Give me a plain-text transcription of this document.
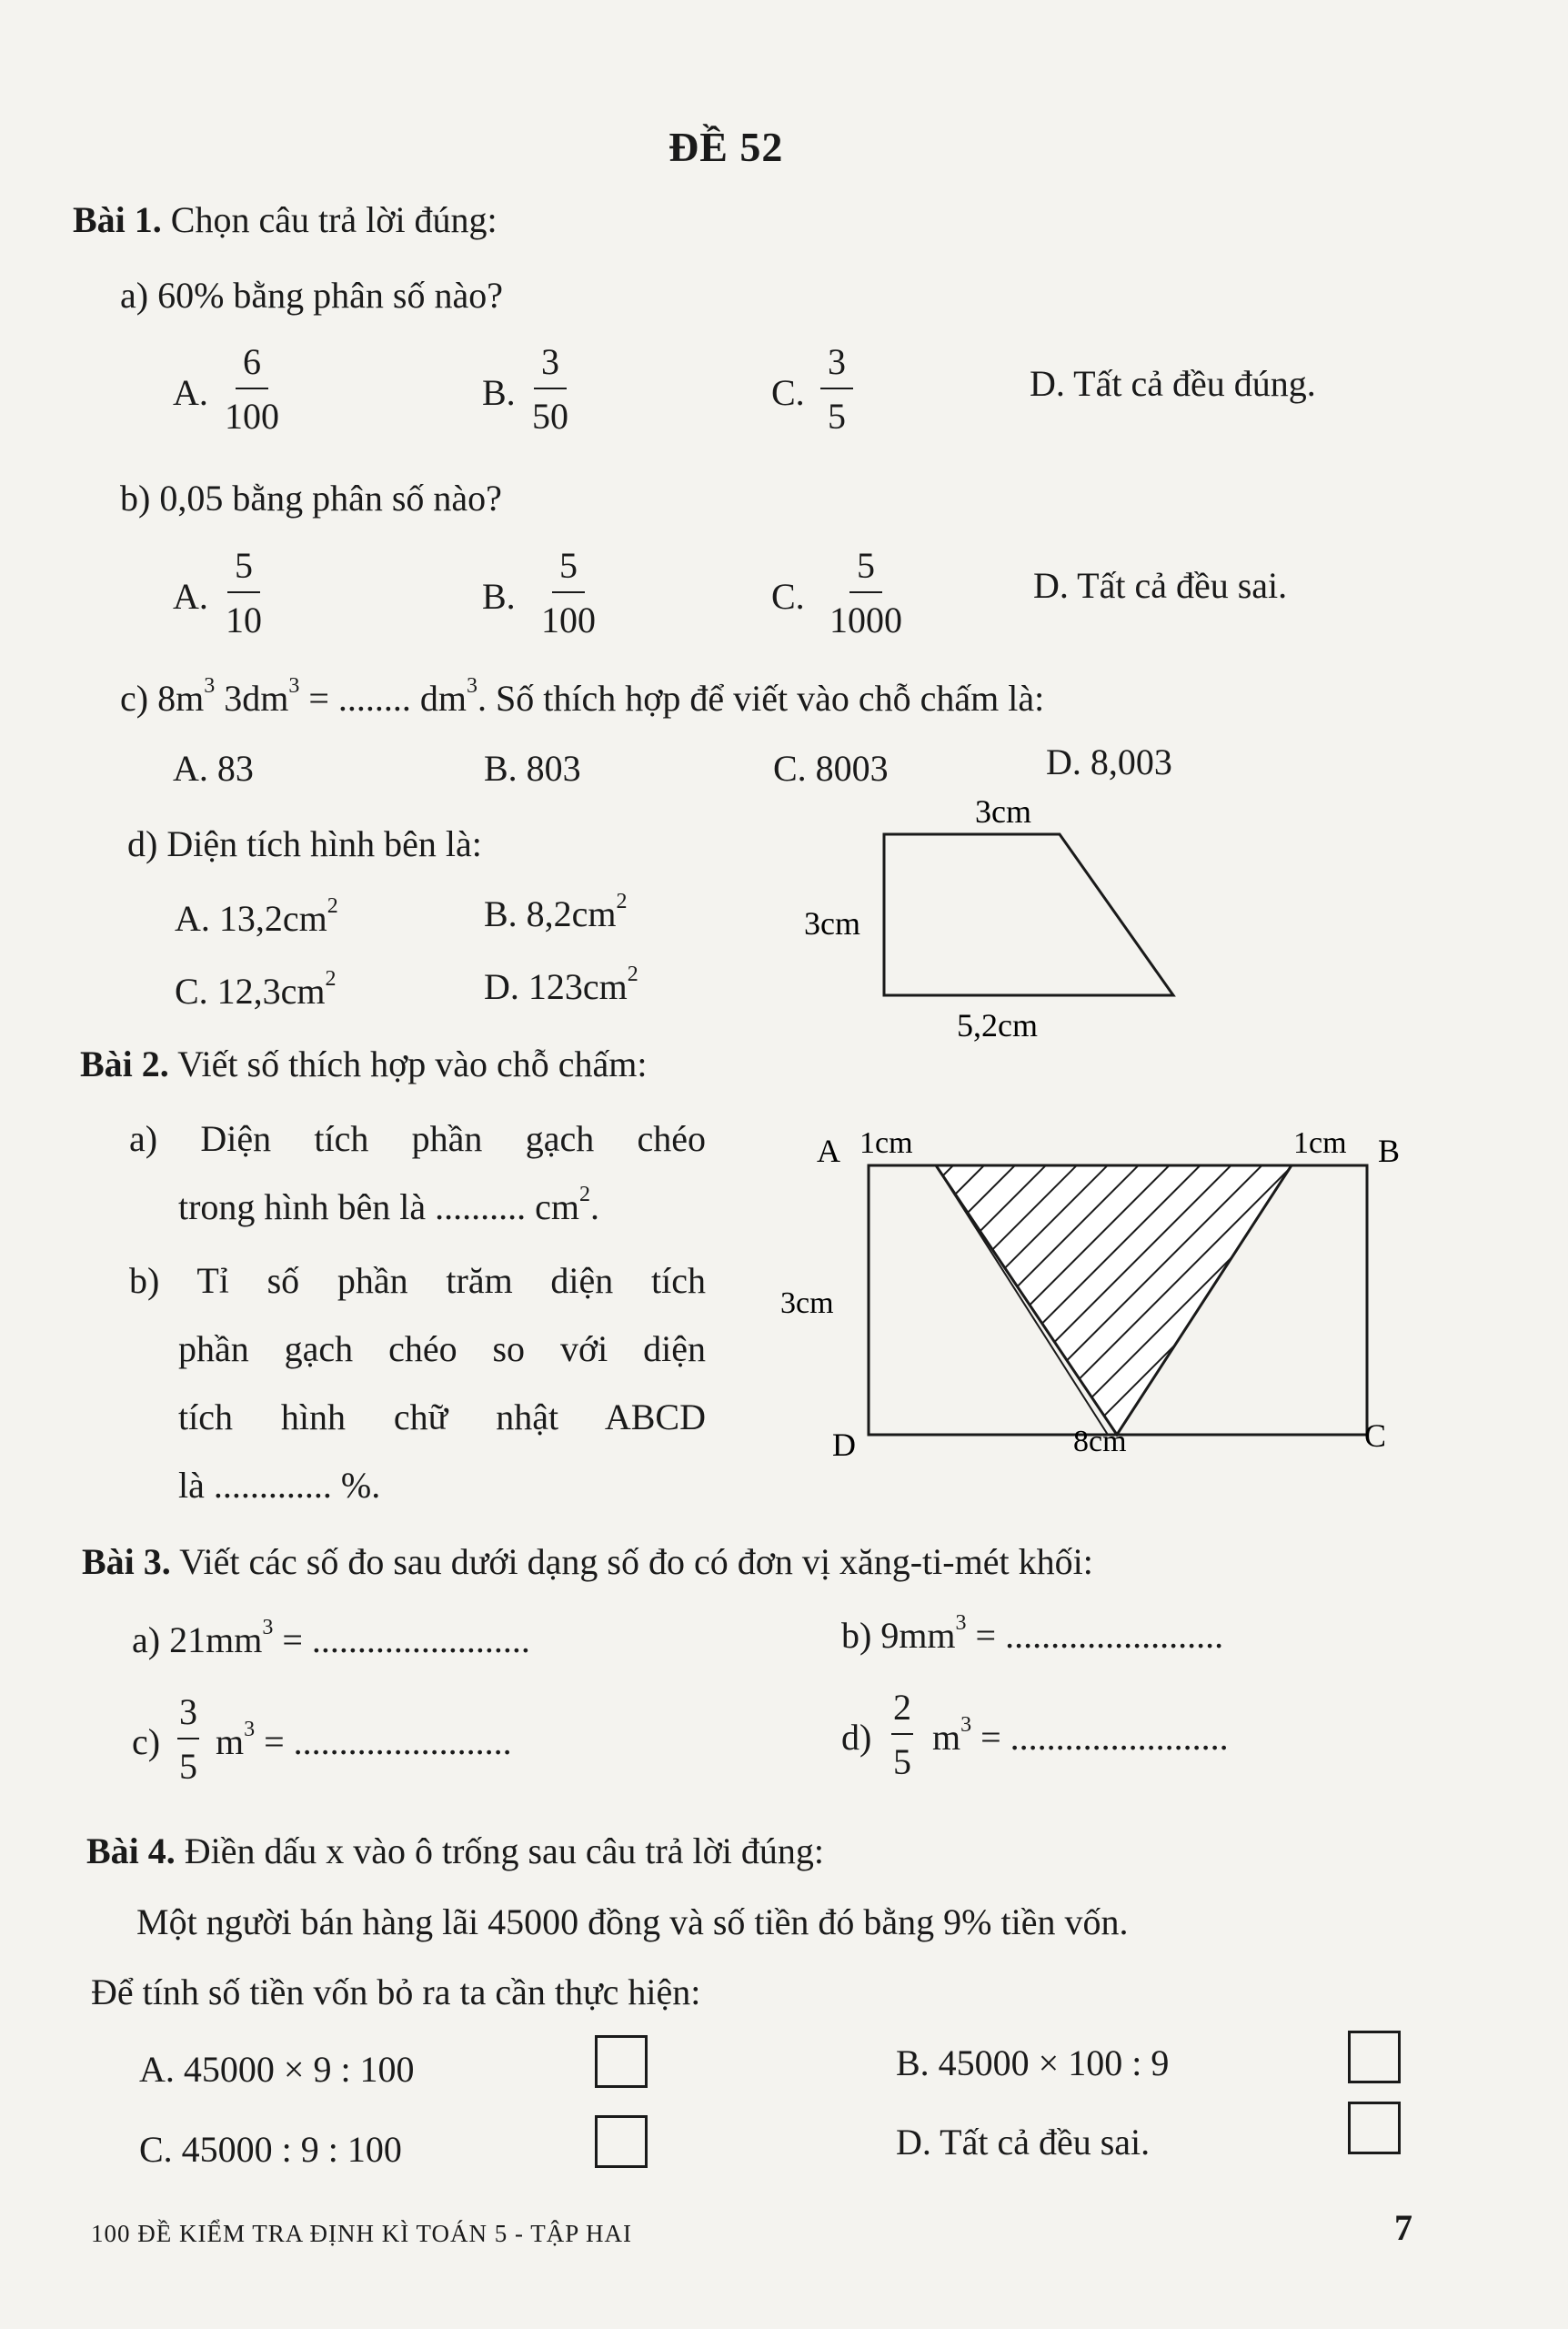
ĐỀ 52
Bài 1. Chọn câu trả lời đúng:
a) 60% bằng phân số nào?
A. $\frac{6}{100}$	B. $\frac{3}{50}$	C. $\frac{3}{5}$	D. Tất cả đều đúng.
b) 0,05 bằng phân số nào?
A. $\frac{5}{10}$	B. $\frac{5}{100}$	C. $\frac{5}{1000}$	D. Tất cả đều sai.
c) $8m^3$ $3dm^3$ = ........ $dm^3$. Số thích hợp để viết vào chỗ chấm là:
A. 83	B. 803	C. 8003	D. 8,003
d) Diện tích hình bên là:
A. $13,2cm^2$	B. $8,2cm^2$
C. $12,3cm^2$	D. $123cm^2$
3cm
3cm
5,2cm
Bài 2. Viết số thích hợp vào chỗ chấm:
a) Diện tích phần gạch chéo
trong hình bên là .......... $cm^2$.
b) Tỉ số phần trăm diện tích
phần gạch chéo so với diện
tích hình chữ nhật ABCD
là ............. %.
A 1cm	1cm B
3cm
D	8cm	C
Bài 3. Viết các số đo sau dưới dạng số đo có đơn vị xăng-ti-mét khối:
a) $21mm^3$ = ........................	b) $9mm^3$ = ........................
$c) \frac{3}{5} m^3$ = ........................	$d) \frac{2}{5} m^3$ = ........................
Bài 4. Điền dấu x vào ô trống sau câu trả lời đúng:
Một người bán hàng lãi 45000 đồng và số tiền đó bằng 9% tiền vốn.
Để tính số tiền vốn bỏ ra ta cần thực hiện:
A. 45000 × 9 : 100	B. 45000 × 100 : 9
C. 45000 : 9 : 100	D. Tất cả đều sai.
100 ĐỀ KIỂM TRA ĐỊNH KÌ TOÁN 5 - TẬP HAI	7
